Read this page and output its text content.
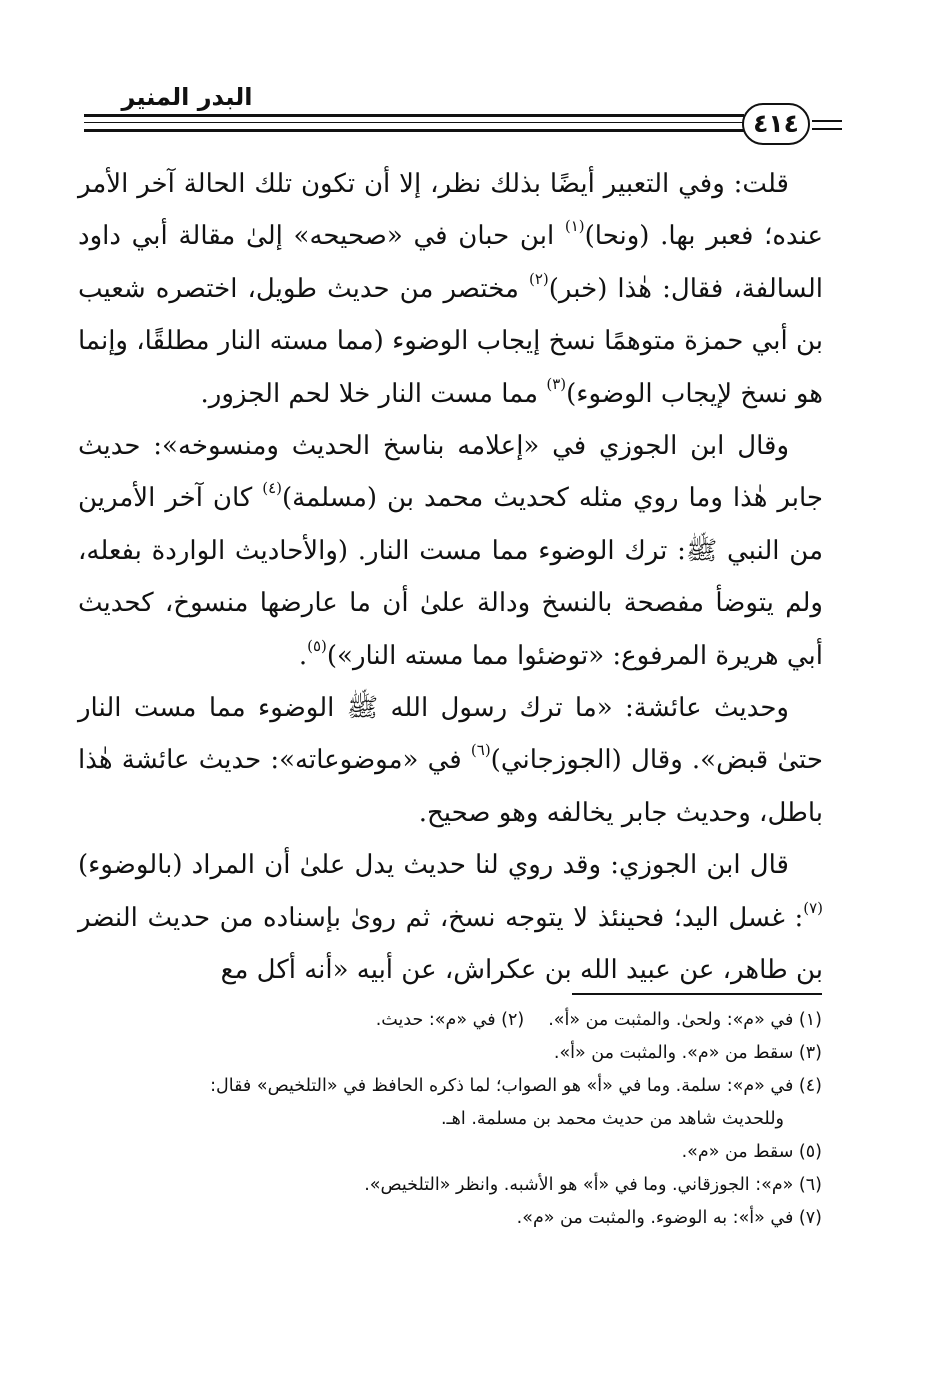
البدر المنير
٤١٤

قلت: وفي التعبير أيضًا بذلك نظر، إلا أن تكون تلك الحالة آخر الأمر عنده؛ فعبر بها. (ونحا)$^{(١)}$ ابن حبان في «صحيحه» إلىٰ مقالة أبي داود السالفة، فقال: هٰذا (خبر)$^{(٢)}$ مختصر من حديث طويل، اختصره شعيب بن أبي حمزة متوهمًا نسخ إيجاب الوضوء (مما مسته النار مطلقًا، وإنما هو نسخ لإيجاب الوضوء)$^{(٣)}$ مما مست النار خلا لحم الجزور.

وقال ابن الجوزي في «إعلامه بناسخ الحديث ومنسوخه»: حديث جابر هٰذا وما روي مثله كحديث محمد بن (مسلمة)$^{(٤)}$ كان آخر الأمرين من النبي ﷺ: ترك الوضوء مما مست النار. (والأحاديث الواردة بفعله، ولم يتوضأ مفصحة بالنسخ ودالة علىٰ أن ما عارضها منسوخ، كحديث أبي هريرة المرفوع: «توضئوا مما مسته النار»)$^{(٥)}$.

وحديث عائشة: «ما ترك رسول الله ﷺ الوضوء مما مست النار حتىٰ قبض». وقال (الجوزجاني)$^{(٦)}$ في «موضوعاته»: حديث عائشة هٰذا باطل، وحديث جابر يخالفه وهو صحيح.

قال ابن الجوزي: وقد روي لنا حديث يدل علىٰ أن المراد (بالوضوء)$^{(٧)}$: غسل اليد؛ فحينئذ لا يتوجه نسخ، ثم روىٰ بإسناده من حديث النضر بن طاهر، عن عبيد الله بن عكراش، عن أبيه «أنه أكل مع

(١) في «م»: ولحىٰ. والمثبت من «أ».(٢) في «م»: حديث.
(٣) سقط من «م». والمثبت من «أ».
(٤) في «م»: سلمة. وما في «أ» هو الصواب؛ لما ذكره الحافظ في «التلخيص» فقال:
وللحديث شاهد من حديث محمد بن مسلمة. اهـ.
(٥) سقط من «م».
(٦) «م»: الجوزقاني. وما في «أ» هو الأشبه. وانظر «التلخيص».
(٧) في «أ»: به الوضوء. والمثبت من «م».
